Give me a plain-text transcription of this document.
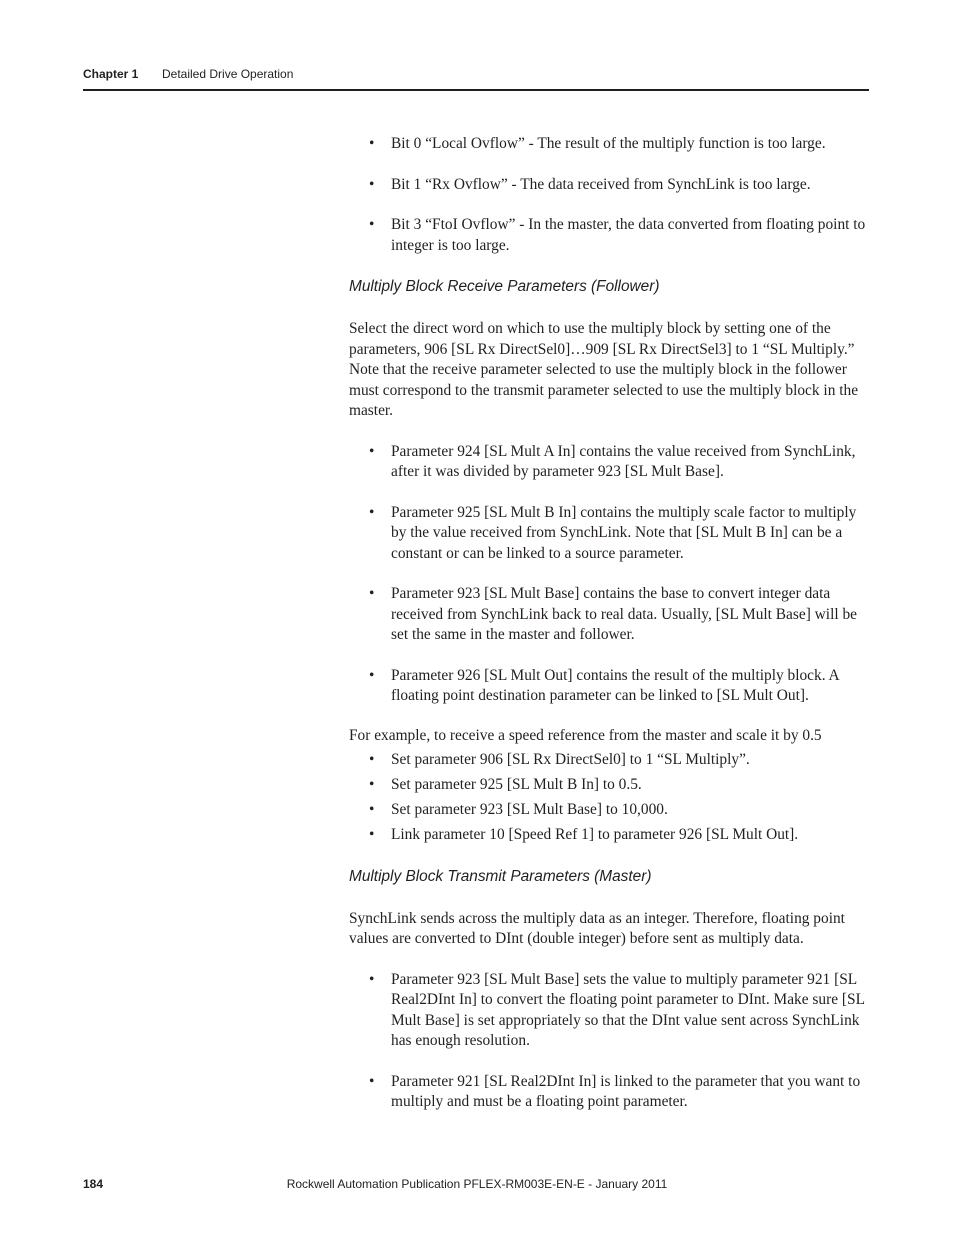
Chapter 1 Detailed Drive Operation
• Bit 0 “Local Ovflow” - The result of the multiply function is too large.
• Bit 1 “Rx Ovflow” - The data received from SynchLink is too large.
• Bit 3 “FtoI Ovflow” - In the master, the data converted from floating point to integer is too large.
Multiply Block Receive Parameters (Follower)

Select the direct word on which to use the multiply block by setting one of the parameters, 906 [SL Rx DirectSel0]…909 [SL Rx DirectSel3] to 1 “SL Multiply.” Note that the receive parameter selected to use the multiply block in the follower must correspond to the transmit parameter selected to use the multiply block in the master.

• Parameter 924 [SL Mult A In] contains the value received from SynchLink, after it was divided by parameter 923 [SL Mult Base].
• Parameter 925 [SL Mult B In] contains the multiply scale factor to multiply by the value received from SynchLink. Note that [SL Mult B In] can be a constant or can be linked to a source parameter.
• Parameter 923 [SL Mult Base] contains the base to convert integer data received from SynchLink back to real data. Usually, [SL Mult Base] will be set the same in the master and follower.
• Parameter 926 [SL Mult Out] contains the result of the multiply block. A floating point destination parameter can be linked to [SL Mult Out].

For example, to receive a speed reference from the master and scale it by 0.5

• Set parameter 906 [SL Rx DirectSel0] to 1 “SL Multiply”.
• Set parameter 925 [SL Mult B In] to 0.5.
• Set parameter 923 [SL Mult Base] to 10,000.
• Link parameter 10 [Speed Ref 1] to parameter 926 [SL Mult Out].
Multiply Block Transmit Parameters (Master)

SynchLink sends across the multiply data as an integer. Therefore, floating point values are converted to DInt (double integer) before sent as multiply data.

• Parameter 923 [SL Mult Base] sets the value to multiply parameter 921 [SL Real2DInt In] to convert the floating point parameter to DInt. Make sure [SL Mult Base] is set appropriately so that the DInt value sent across SynchLink has enough resolution.
• Parameter 921 [SL Real2DInt In] is linked to the parameter that you want to multiply and must be a floating point parameter.
184	Rockwell Automation Publication PFLEX-RM003E-EN-E - January 2011
